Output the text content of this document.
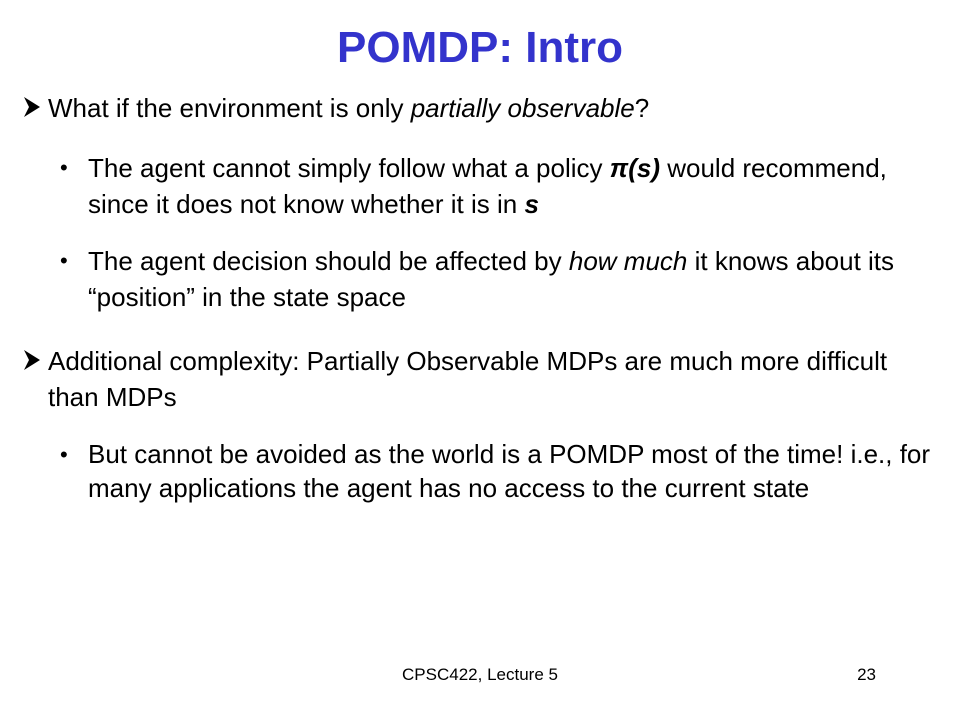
POMDP: Intro
What if the environment is only partially observable?
• The agent cannot simply follow what a policy π(s) would recommend, since it does not know whether it is in s
• The agent decision should be affected by how much it knows about its “position” in the state space
Additional complexity: Partially Observable MDPs are much more difficult than MDPs
• But cannot be avoided as the world is a POMDP most of the time! i.e., for many applications the agent has no access to the current state
CPSC422, Lecture 5	23
